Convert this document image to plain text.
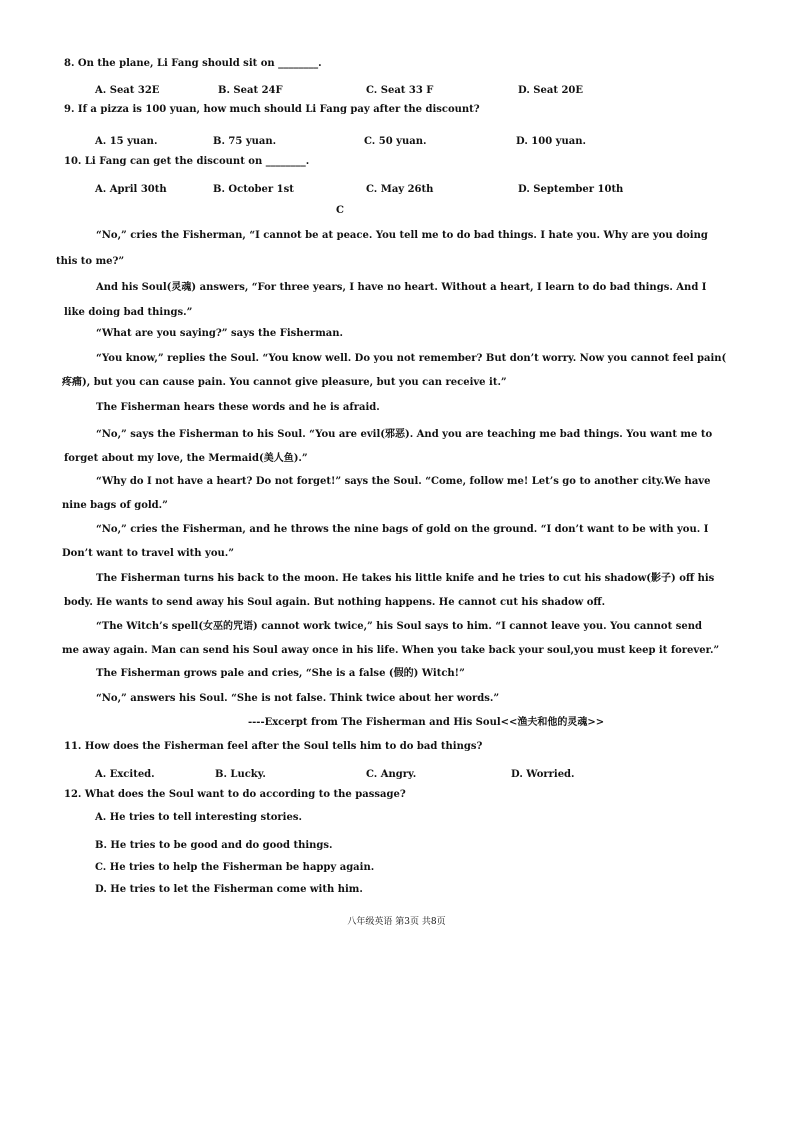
8. On the plane, Li Fang should sit on ________.
A. Seat 32E	B. Seat 24F	C. Seat 33 F	D. Seat 20E
9. If a pizza is 100 yuan, how much should Li Fang pay after the discount?
A. 15 yuan.	B. 75 yuan.	C. 50 yuan.	D. 100 yuan.
10. Li Fang can get the discount on ________.
A. April 30th	B. October 1st	C. May 26th	D. September 10th
C
“No,” cries the Fisherman, “I cannot be at peace. You tell me to do bad things. I hate you. Why are you doing
this to me?”
And his Soul(灵魂) answers, “For three years, I have no heart. Without a heart, I learn to do bad things. And I
like doing bad things.”
“What are you saying?” says the Fisherman.
“You know,” replies the Soul. “You know well. Do you not remember? But don’t worry. Now you cannot feel pain(
疼痛), but you can cause pain. You cannot give pleasure, but you can receive it.”
The Fisherman hears these words and he is afraid.
“No,” says the Fisherman to his Soul. “You are evil(邪恶). And you are teaching me bad things. You want me to
forget about my love, the Mermaid(美人鱼).”
“Why do I not have a heart? Do not forget!” says the Soul. “Come, follow me! Let’s go to another city.We have
nine bags of gold.”
“No,” cries the Fisherman, and he throws the nine bags of gold on the ground. “I don’t want to be with you. I
Don’t want to travel with you.”
The Fisherman turns his back to the moon. He takes his little knife and he tries to cut his shadow(影子) off his
body. He wants to send away his Soul again. But nothing happens. He cannot cut his shadow off.
“The Witch’s spell(女巫的咒语) cannot work twice,” his Soul says to him. “I cannot leave you. You cannot send
me away again. Man can send his Soul away once in his life. When you take back your soul,you must keep it forever.”
The Fisherman grows pale and cries, “She is a false (假的) Witch!”
“No,” answers his Soul. “She is not false. Think twice about her words.”
----Excerpt from The Fisherman and His Soul<<渔夫和他的灵魂>>
11. How does the Fisherman feel after the Soul tells him to do bad things?
A. Excited.	B. Lucky.	C. Angry.	D. Worried.
12. What does the Soul want to do according to the passage?
A. He tries to tell interesting stories.
B. He tries to be good and do good things.
C. He tries to help the Fisherman be happy again.
D. He tries to let the Fisherman come with him.
八年级英语 第3页 共8页
